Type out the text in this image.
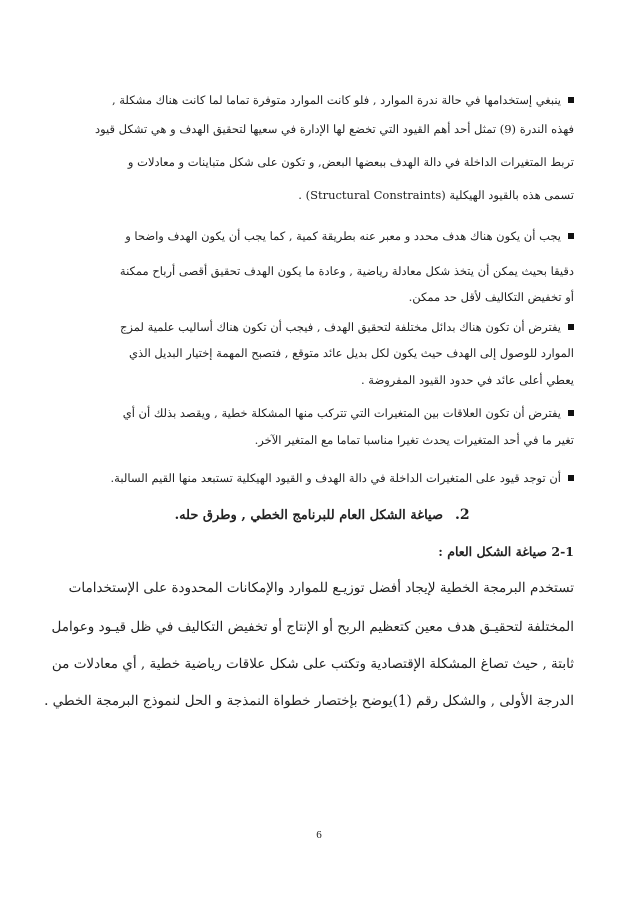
ينبغي إستخدامها في حالة ندرة الموارد , فلو كانت الموارد متوفرة تماما لما كانت هناك مشكلة ,
فهذه الندرة (9) تمثل أحد أهم القيود التي تخضع لها الإدارة في سعيها لتحقيق الهدف و هي تشكل قيود
تربط المتغيرات الداخلة في دالة الهدف ببعضها البعض, و تكون على شكل متباينات و معادلات و
تسمى هذه بالقيود الهيكلية (Structural Constraints) .
يجب أن يكون هناك هدف محدد و معبر عنه بطريقة كمية , كما يجب أن يكون الهدف واضحا و
دقيقا بحيث يمكن أن يتخذ شكل معادلة رياضية , وعادة ما يكون الهدف تحقيق أقصى أرباح ممكنة
أو تخفيض التكاليف لأقل حد ممكن.
يفترض أن تكون هناك بدائل مختلفة لتحقيق الهدف , فيجب أن تكون هناك أساليب علمية لمزج
الموارد للوصول إلى الهدف حيث يكون لكل بديل عائد متوقع , فتصبح المهمة إختيار البديل الذي
يعطي أعلى عائد في حدود القيود المفروضة .
يفترض أن تكون العلاقات بين المتغيرات التي تتركب منها المشكلة خطية , ويقصد بذلك أن أي
تغير ما في أحد المتغيرات يحدث تغيرا مناسبا تماما مع المتغير الآخر.
أن توجد قيود على المتغيرات الداخلة في دالة الهدف و القيود الهيكلية تستبعد منها القيم السالبة.
صياغة الشكل العام للبرنامج الخطي , وطرق حله. .2
2-1 صياغة الشكل العام :
تستخدم البرمجة الخطية لإيجاد أفضل توزيـع للموارد والإمكانات المحدودة على الإستخدامات
المختلفة لتحقيـق هدف معين كتعظيم الربح أو الإنتاج أو تخفيض التكاليف في ظل قيـود وعوامل
ثابتة , حيث تصاغ المشكلة الإقتصادية وتكتب على شكل علاقات رياضية خطية , أي معادلات من
الدرجة الأولى , والشكل رقم (1)يوضح بإختصار خطواة النمذجة و الحل لنموذج البرمجة الخطي .
6
